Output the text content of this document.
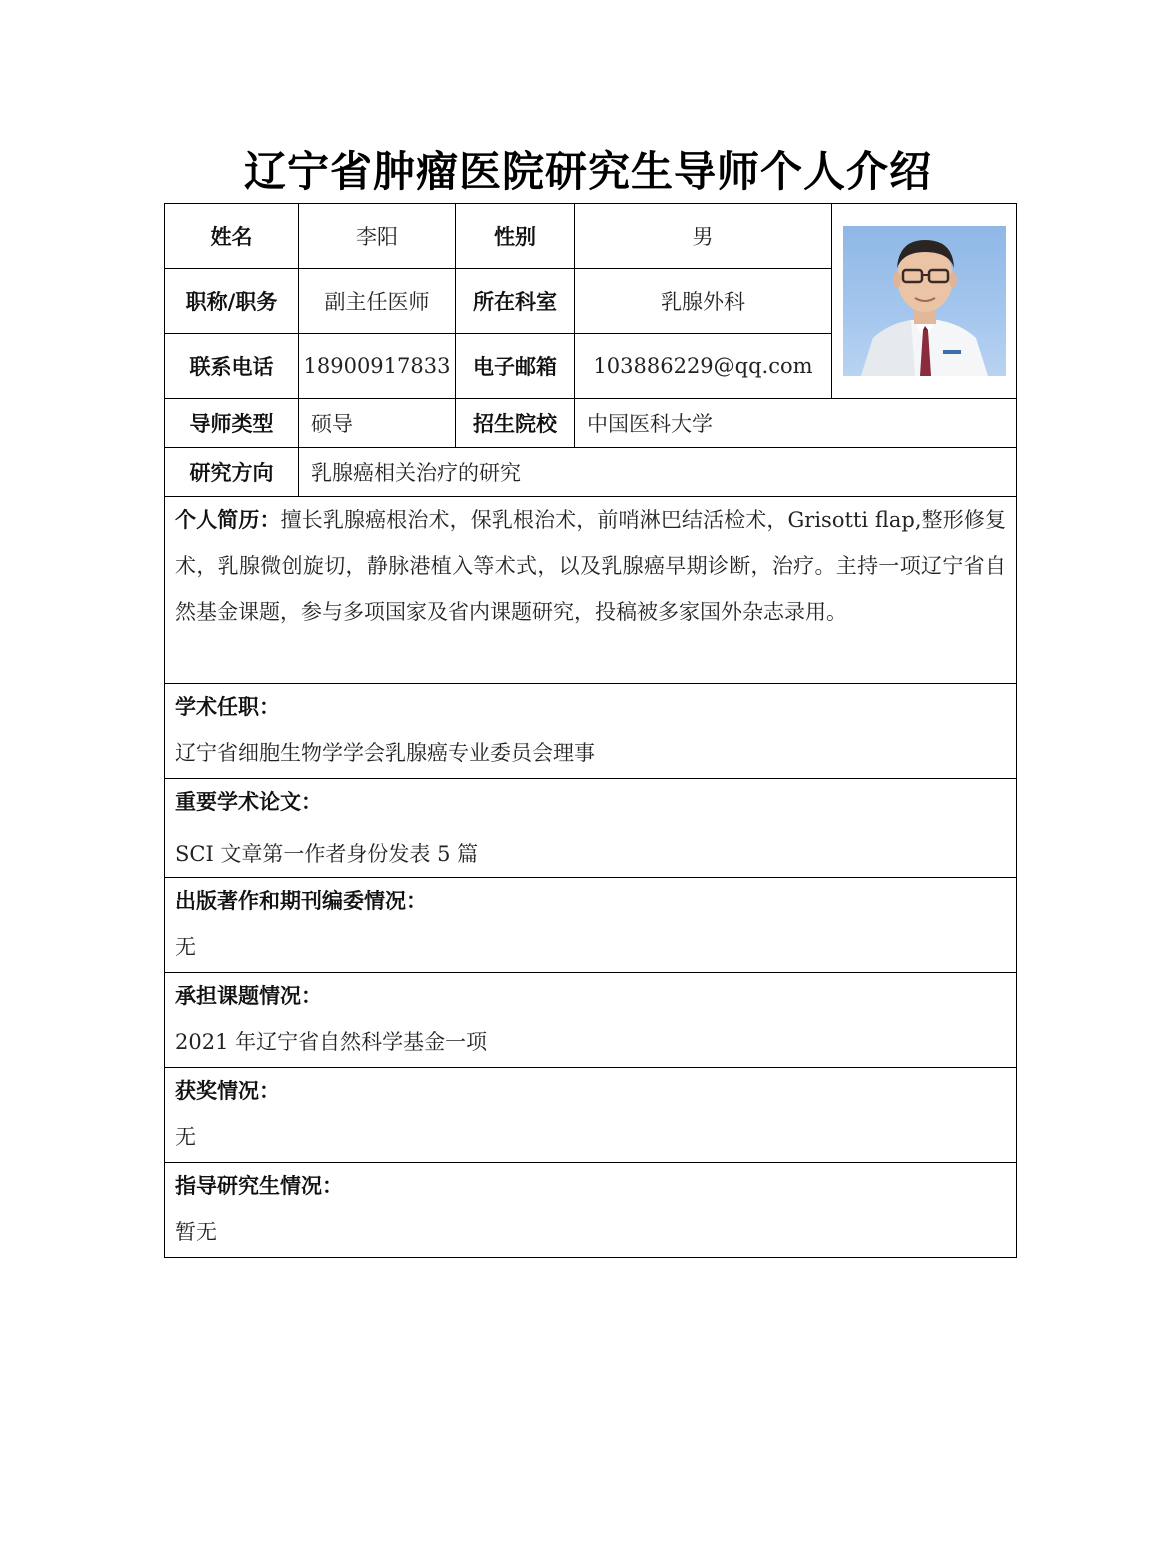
辽宁省肿瘤医院研究生导师个人介绍
姓名	李阳	性别	男	

职称/职务	副主任医师	所在科室	乳腺外科	
联系电话	18900917833	电子邮箱	103886229@qq.com	
导师类型	硕导	招生院校	中国医科大学	
研究方向	乳腺癌相关治疗的研究			
个人简历：擅长乳腺癌根治术，保乳根治术，前哨淋巴结活检术，Grisotti flap,整形修复术，乳腺微创旋切，静脉港植入等术式，以及乳腺癌早期诊断，治疗。主持一项辽宁省自然基金课题，参与多项国家及省内课题研究，投稿被多家国外杂志录用。				

学术任职：
辽宁省细胞生物学学会乳腺癌专业委员会理事				

重要学术论文：
SCI 文章第一作者身份发表 5 篇				

出版著作和期刊编委情况：
无				

承担课题情况：
2021 年辽宁省自然科学基金一项				

获奖情况：
无				

指导研究生情况：
暂无				
